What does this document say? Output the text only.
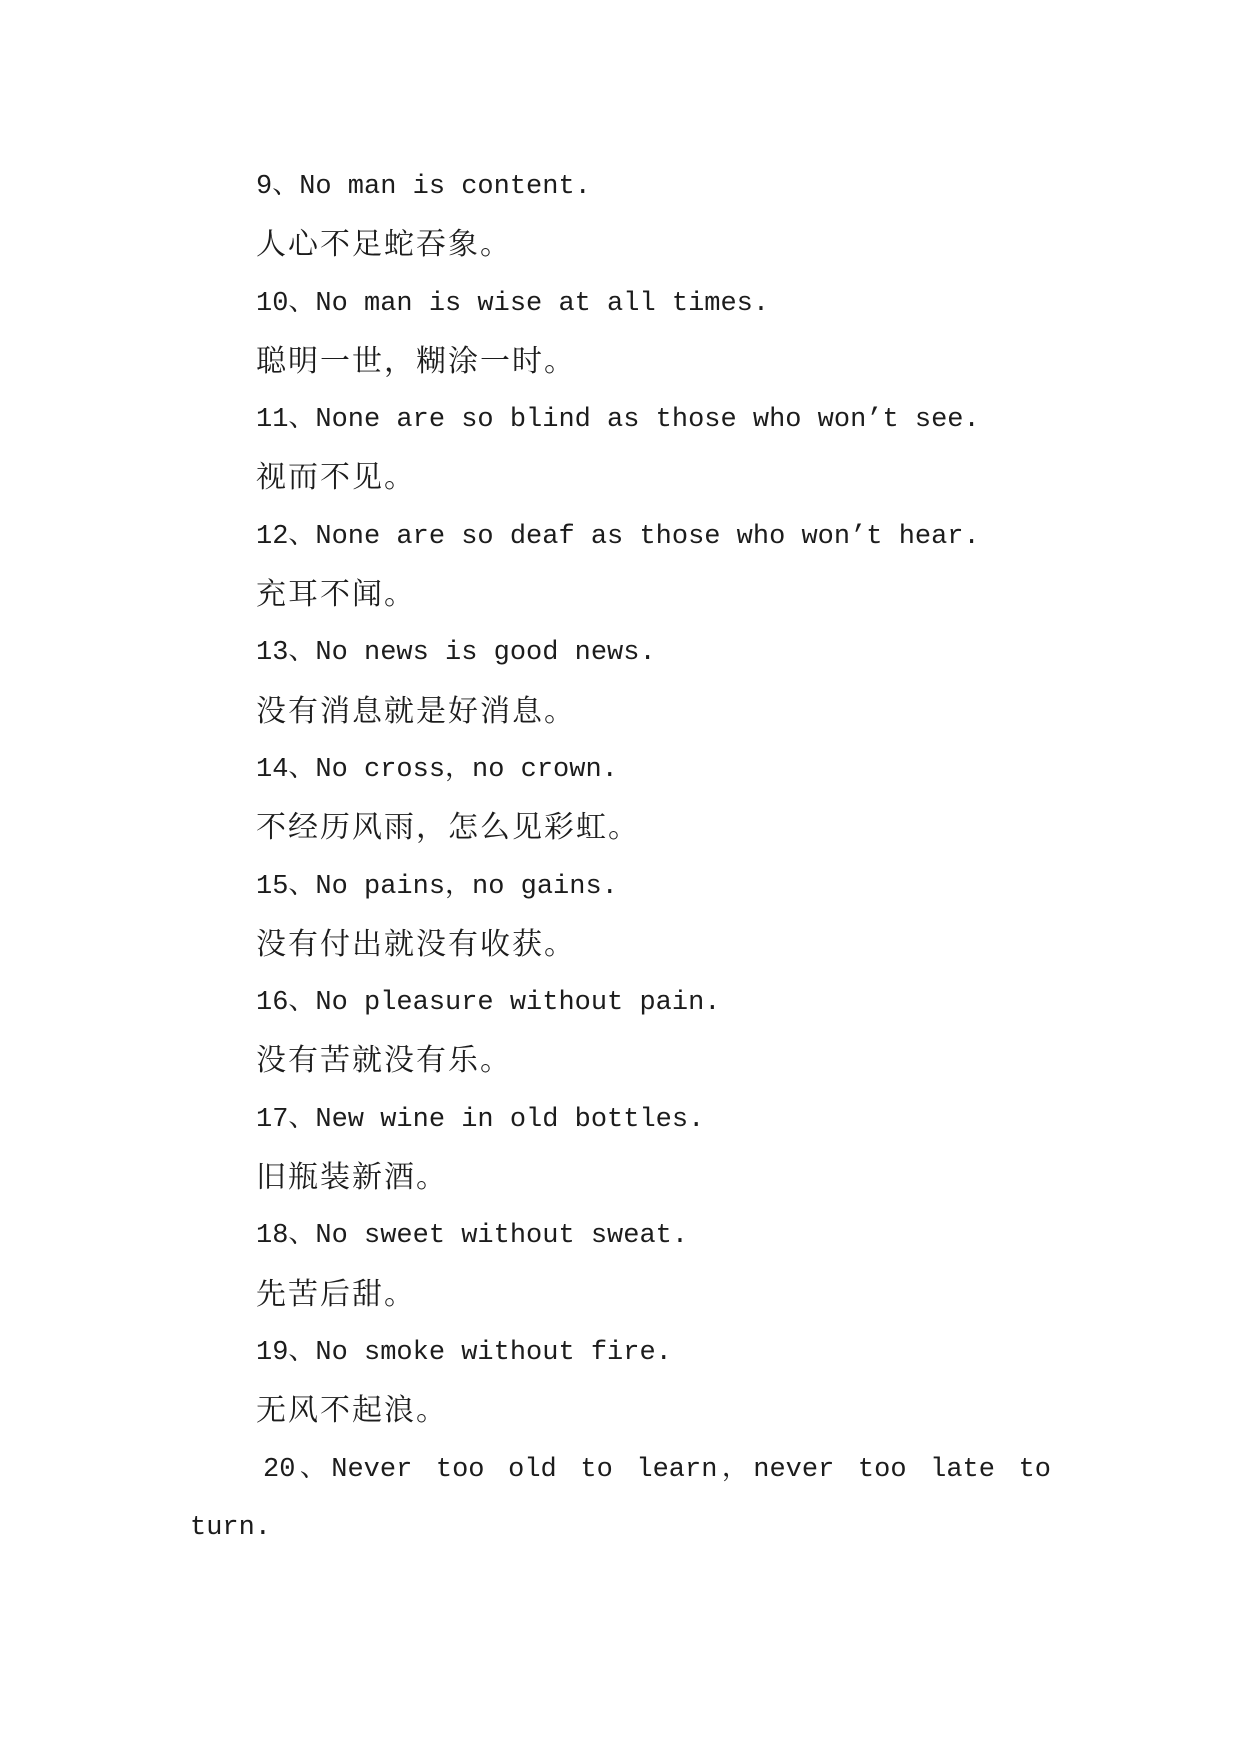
9、No man is content.
人心不足蛇吞象。
10、No man is wise at all times.
聪明一世，糊涂一时。
11、None are so blind as those who won’t see.
视而不见。
12、None are so deaf as those who won’t hear.
充耳不闻。
13、No news is good news.
没有消息就是好消息。
14、No cross，no crown.
不经历风雨，怎么见彩虹。
15、No pains，no gains.
没有付出就没有收获。
16、No pleasure without pain.
没有苦就没有乐。
17、New wine in old bottles.
旧瓶装新酒。
18、No sweet without sweat.
先苦后甜。
19、No smoke without fire.
无风不起浪。

20、Never too old to learn，never too late to turn.
